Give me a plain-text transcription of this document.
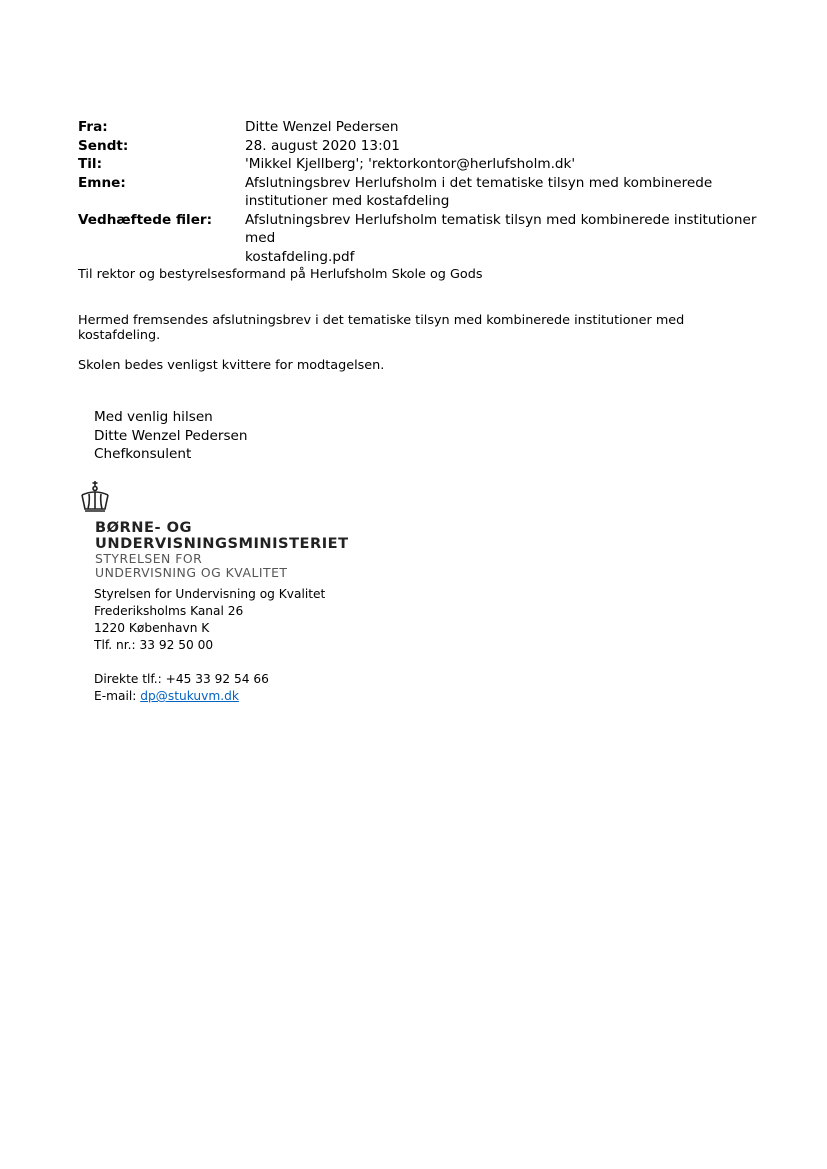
Fra:	Ditte Wenzel Pedersen
Sendt:	28. august 2020 13:01
Til:	'Mikkel Kjellberg'; 'rektorkontor@herlufsholm.dk'
Emne:	Afslutningsbrev Herlufsholm i det tematiske tilsyn med kombinerede
institutioner med kostafdeling
Vedhæftede filer:	Afslutningsbrev Herlufsholm tematisk tilsyn med kombinerede institutioner med
kostafdeling.pdf
Til rektor og bestyrelsesformand på Herlufsholm Skole og Gods
Hermed fremsendes afslutningsbrev i det tematiske tilsyn med kombinerede institutioner med
kostafdeling.
Skolen bedes venligst kvittere for modtagelsen.
Med venlig hilsen
Ditte Wenzel Pedersen
Chefkonsulent
BØRNE- OG
UNDERVISNINGSMINISTERIET
STYRELSEN FOR
UNDERVISNING OG KVALITET
Styrelsen for Undervisning og Kvalitet
Frederiksholms Kanal 26
1220 København K
Tlf. nr.: 33 92 50 00
Direkte tlf.: +45 33 92 54 66
E-mail: dp@stukuvm.dk
